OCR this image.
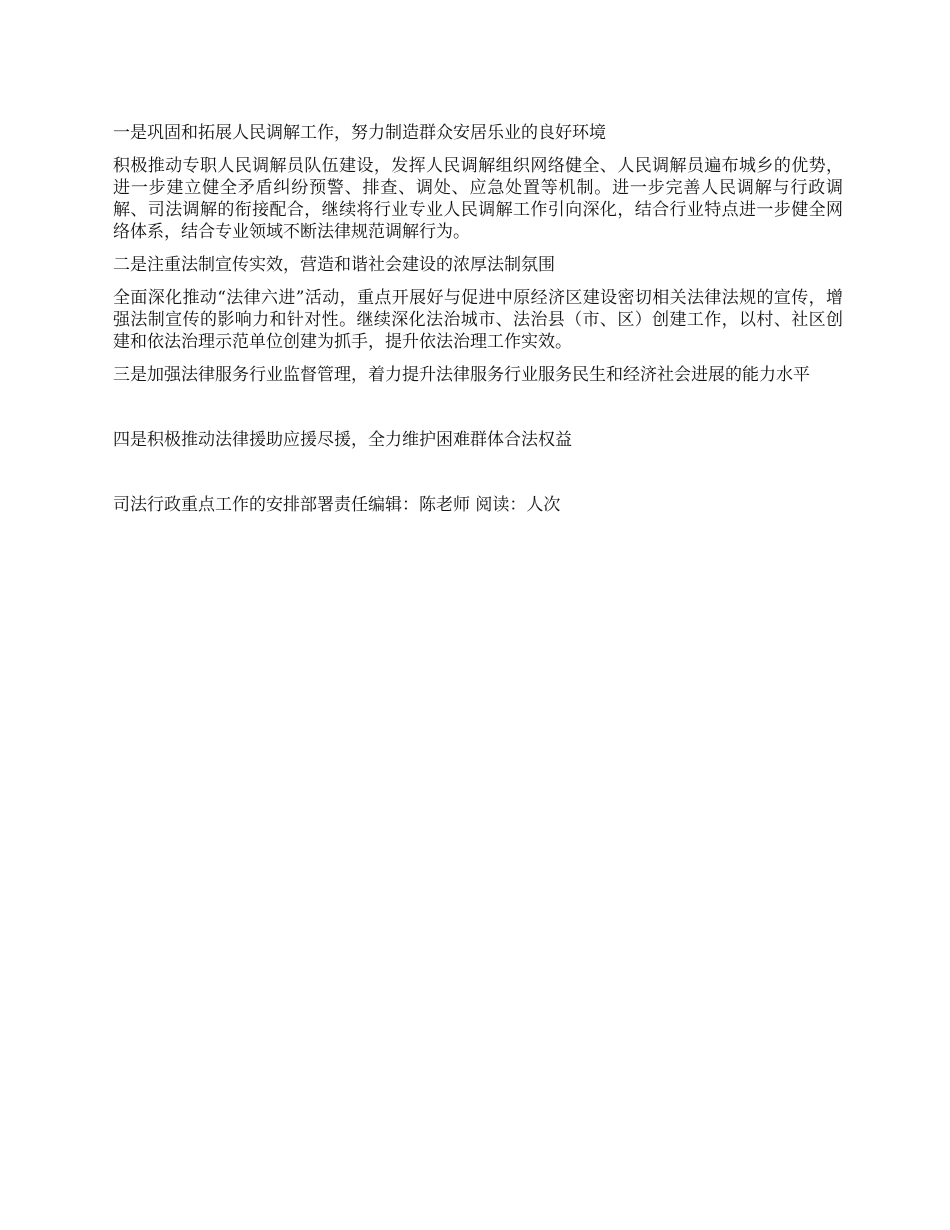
一是巩固和拓展人民调解工作，努力制造群众安居乐业的良好环境

积极推动专职人民调解员队伍建设，发挥人民调解组织网络健全、人民调解员遍布城乡的优势，进一步建立健全矛盾纠纷预警、排查、调处、应急处置等机制。进一步完善人民调解与行政调解、司法调解的衔接配合，继续将行业专业人民调解工作引向深化，结合行业特点进一步健全网络体系，结合专业领域不断法律规范调解行为。

二是注重法制宣传实效，营造和谐社会建设的浓厚法制氛围

全面深化推动“法律六进”活动，重点开展好与促进中原经济区建设密切相关法律法规的宣传，增强法制宣传的影响力和针对性。继续深化法治城市、法治县（市、区）创建工作，以村、社区创建和依法治理示范单位创建为抓手，提升依法治理工作实效。

三是加强法律服务行业监督管理，着力提升法律服务行业服务民生和经济社会进展的能力水平

四是积极推动法律援助应援尽援，全力维护困难群体合法权益

司法行政重点工作的安排部署责任编辑：陈老师 阅读：人次
